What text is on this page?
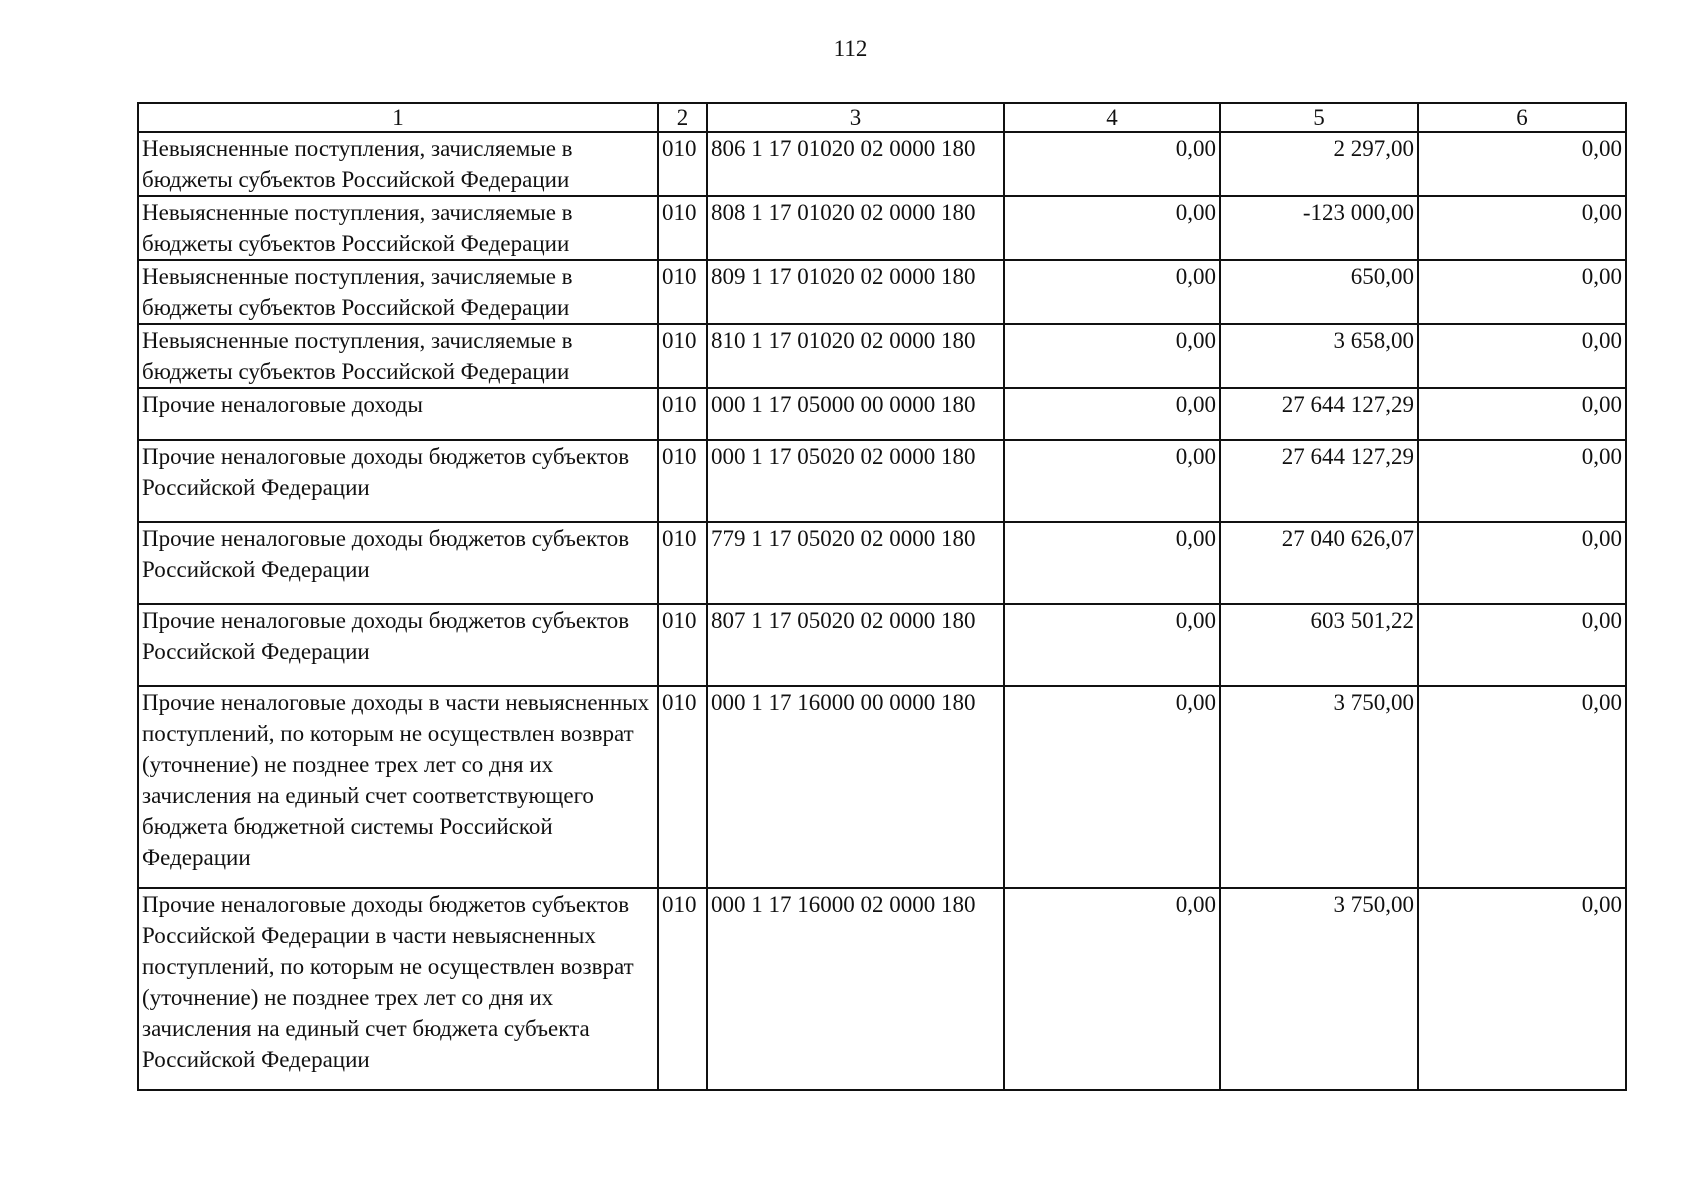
112
1	2	3	4	5	6
Невыясненные поступления, зачисляемые в бюджеты субъектов Российской Федерации	010	806 1 17 01020 02 0000 180	0,00	2 297,00	0,00
Невыясненные поступления, зачисляемые в бюджеты субъектов Российской Федерации	010	808 1 17 01020 02 0000 180	0,00	-123 000,00	0,00
Невыясненные поступления, зачисляемые в бюджеты субъектов Российской Федерации	010	809 1 17 01020 02 0000 180	0,00	650,00	0,00
Невыясненные поступления, зачисляемые в бюджеты субъектов Российской Федерации	010	810 1 17 01020 02 0000 180	0,00	3 658,00	0,00
Прочие неналоговые доходы	010	000 1 17 05000 00 0000 180	0,00	27 644 127,29	0,00
Прочие неналоговые доходы бюджетов субъектов Российской Федерации	010	000 1 17 05020 02 0000 180	0,00	27 644 127,29	0,00
Прочие неналоговые доходы бюджетов субъектов Российской Федерации	010	779 1 17 05020 02 0000 180	0,00	27 040 626,07	0,00
Прочие неналоговые доходы бюджетов субъектов Российской Федерации	010	807 1 17 05020 02 0000 180	0,00	603 501,22	0,00
Прочие неналоговые доходы в части невыясненных поступлений, по которым не осуществлен возврат (уточнение) не позднее трех лет со дня их зачисления на единый счет соответствующего бюджета бюджетной системы Российской Федерации	010	000 1 17 16000 00 0000 180	0,00	3 750,00	0,00
Прочие неналоговые доходы бюджетов субъектов Российской Федерации в части невыясненных поступлений, по которым не осуществлен возврат (уточнение) не позднее трех лет со дня их зачисления на единый счет бюджета субъекта Российской Федерации	010	000 1 17 16000 02 0000 180	0,00	3 750,00	0,00
